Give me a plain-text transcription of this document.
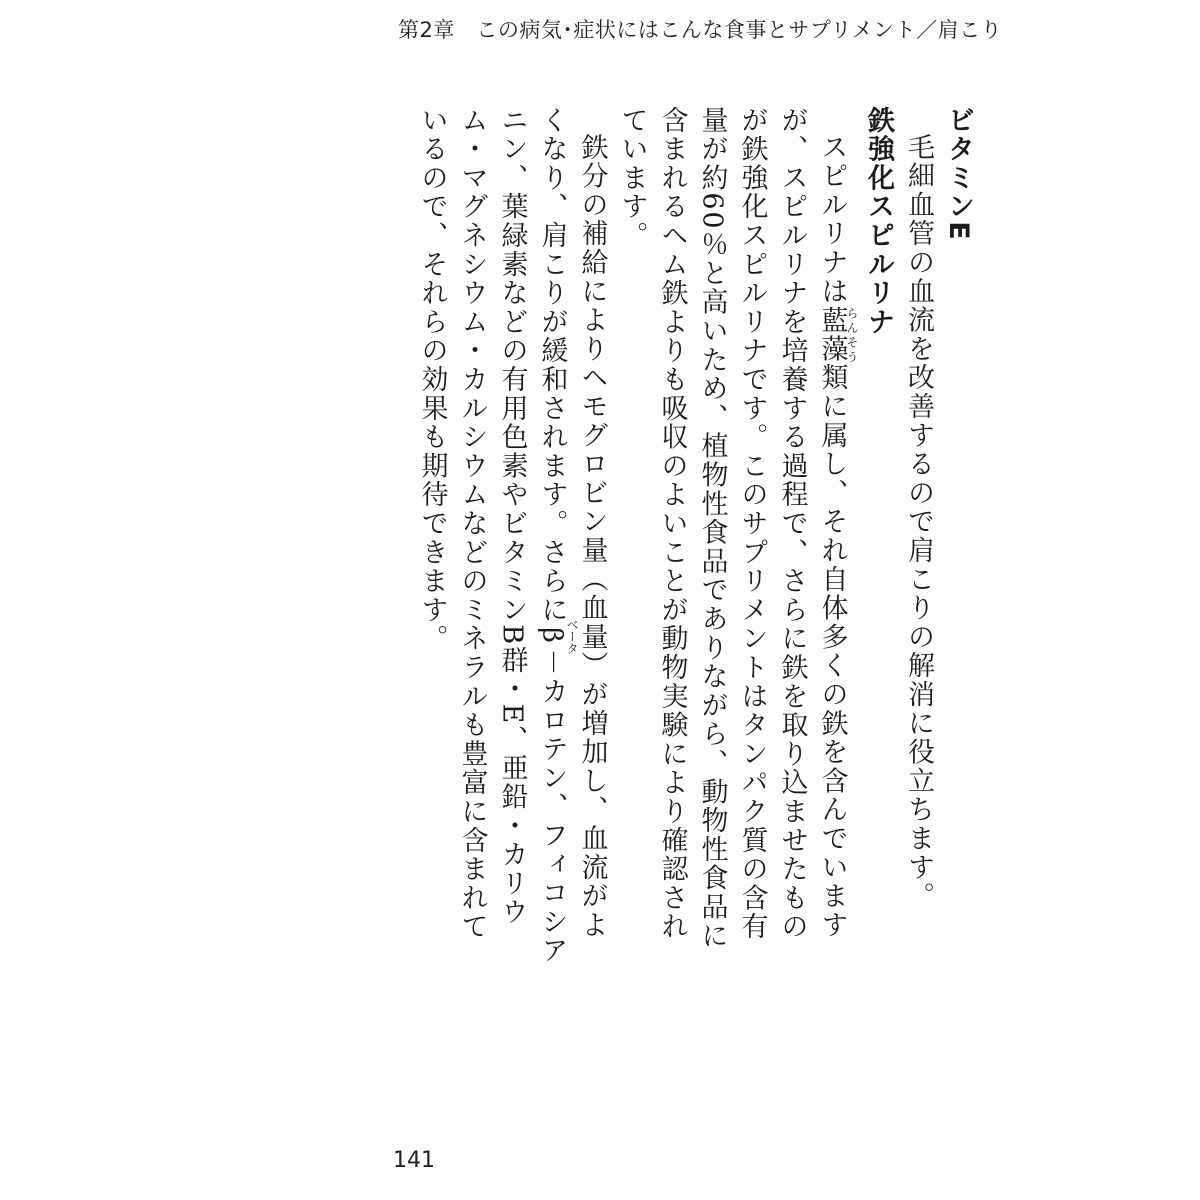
第2章　この病気･症状にはこんな食事とサプリメント／肩こり
ビタミンE
毛細血管の血流を改善するので肩こりの解消に役立ちます。
鉄強化スピルリナ
スピルリナは藍藻らんそう類に属し、それ自体多くの鉄を含んでいますが、スピルリナを培養する過程で、さらに鉄を取り込ませたものが鉄強化スピルリナです。このサプリメントはタンパク質の含有量が約60％と高いため、植物性食品でありながら、動物性食品に含まれるヘム鉄よりも吸収のよいことが動物実験により確認されています。
鉄分の補給によりヘモグロビン量（血量）が増加し、血流がよくなり、肩こりが緩和されます。さらにβベータ－カロテン、フィコシアニン、葉緑素などの有用色素やビタミンB群・E、亜鉛・カリウム・マグネシウム・カルシウムなどのミネラルも豊富に含まれているので、それらの効果も期待できます。
141
